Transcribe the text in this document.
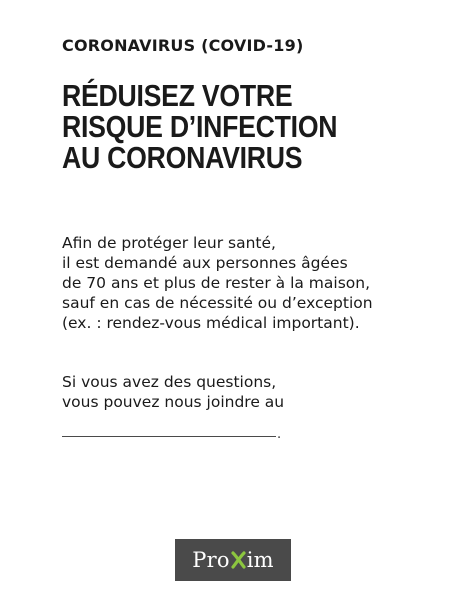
CORONAVIRUS (COVID-19)
RÉDUISEZ VOTRE
RISQUE D’INFECTION
AU CORONAVIRUS
Afin de protéger leur santé,
il est demandé aux personnes âgées
de 70 ans et plus de rester à la maison,
sauf en cas de nécessité ou d’exception
(ex. : rendez-vous médical important).
Si vous avez des questions,
vous pouvez nous joindre au
.
Pro im
